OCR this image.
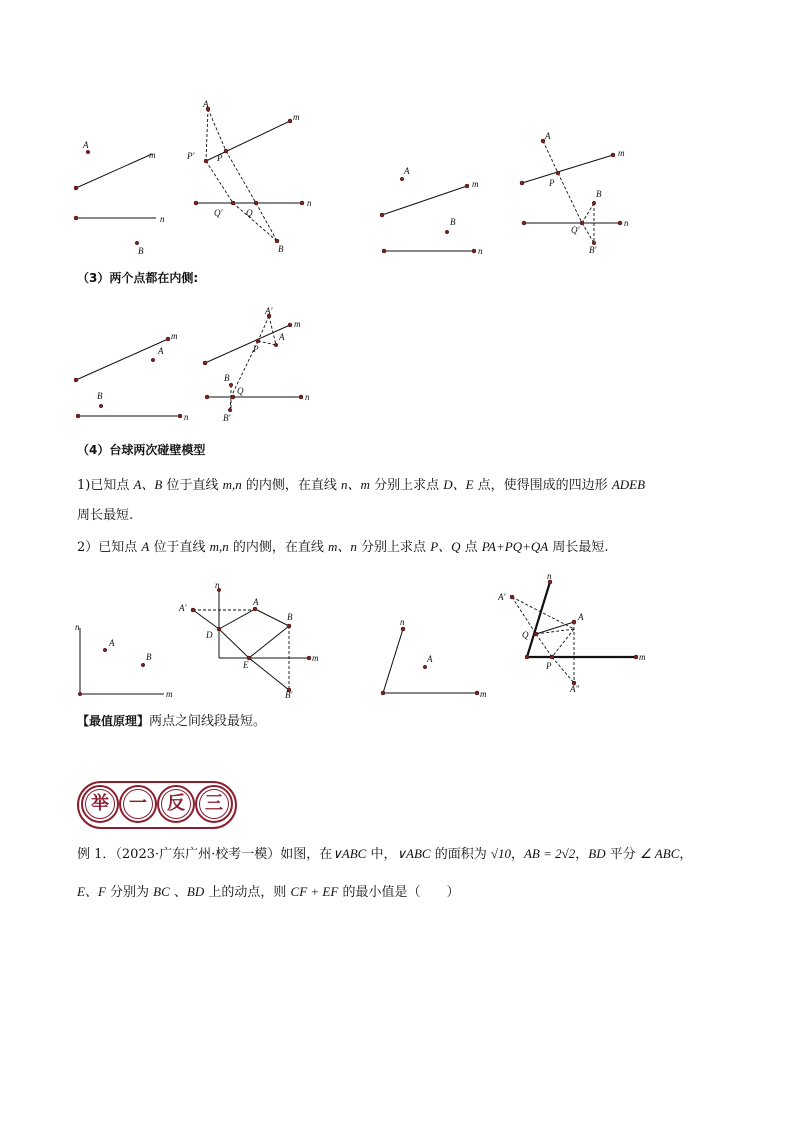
A
m
n
B
A
m
P'	P
n
Q'	Q
B
A
m
B
n
A
m
P
B
n
Q'
B'
（3）两个点都在内侧:
m
A
B
n
A'
m
A
P
B
Q
n
B'
（4）台球两次碰壁模型
1)已知点 A、B 位于直线 m,n 的内侧，在直线 n、m 分别上求点 D、E 点，使得围成的四边形 ADEB
周长最短.
2）已知点 A 位于直线 m,n 的内侧，在直线 m、n 分别上求点 P、Q 点 PA+PQ+QA 周长最短.
n
A
B
m
n
A'
A
B
D
E
m
B'
n
A
m
n
A'
A
Q
P
m
A"
【最值原理】两点之间线段最短。
举	一	反	三
例 1．（2023·广东广州·校考一模）如图，在∨ABC 中，∨ABC 的面积为 √10，AB = 2√2，BD 平分 ∠ ABC，
E、F 分别为 BC 、BD 上的动点，则 CF + EF 的最小值是（　　）
